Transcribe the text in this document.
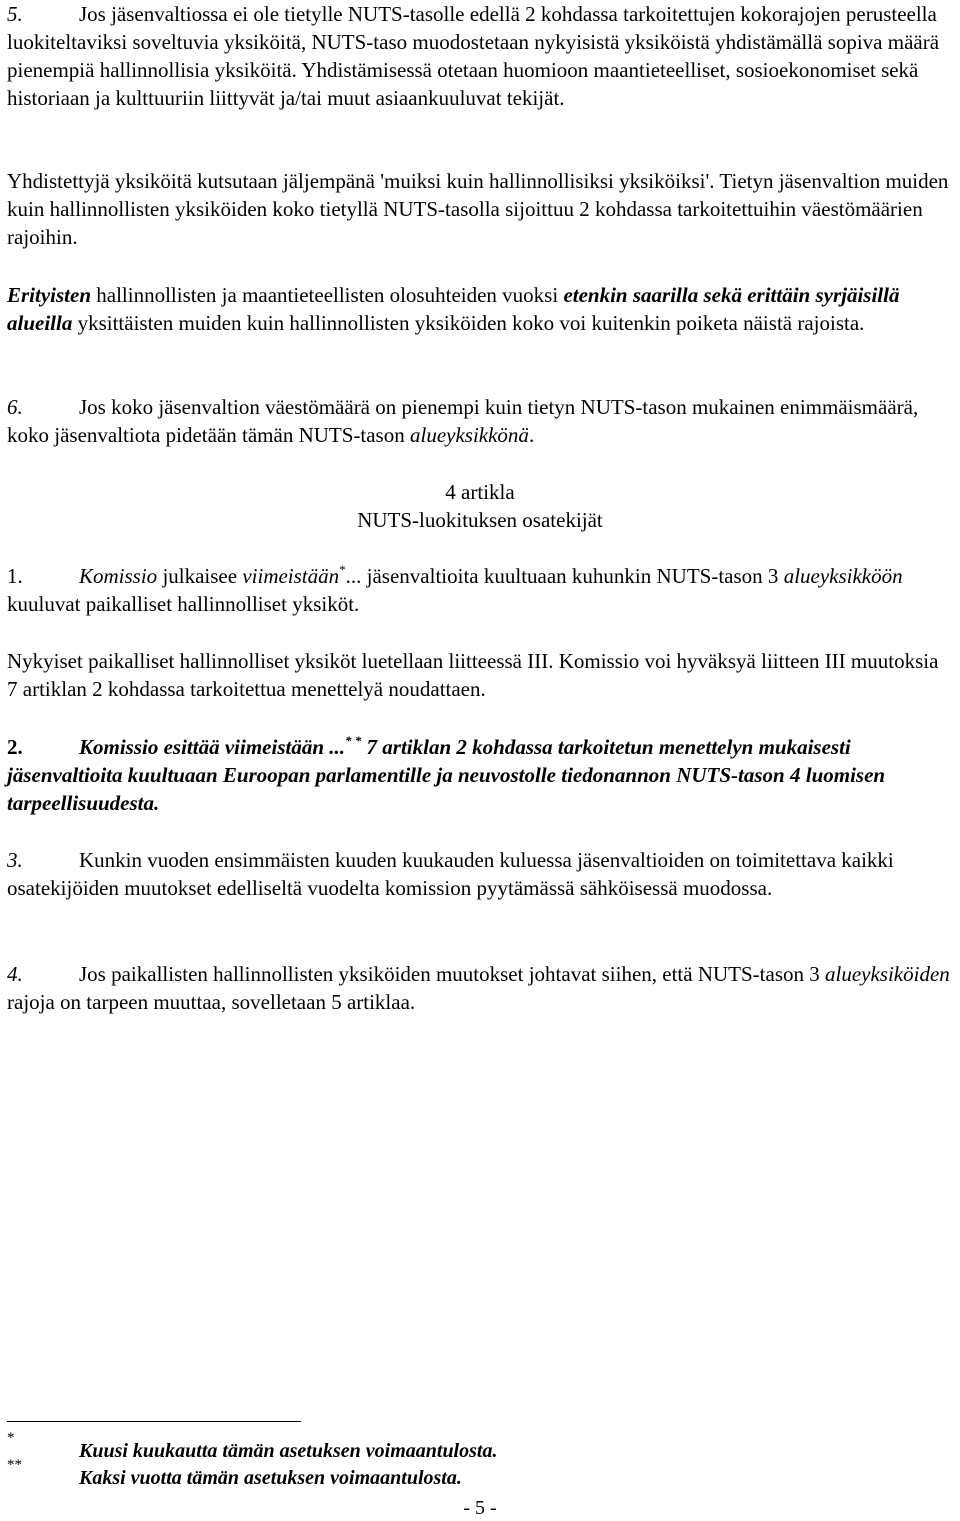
5.	Jos jäsenvaltiossa ei ole tietylle NUTS-tasolle edellä 2 kohdassa tarkoitettujen kokorajojen perusteella luokiteltaviksi soveltuvia yksiköitä, NUTS-taso muodostetaan nykyisistä yksiköistä yhdistämällä sopiva määrä pienempiä hallinnollisia yksiköitä. Yhdistämisessä otetaan huomioon maantieteelliset, sosioekonomiset sekä historiaan ja kulttuuriin liittyvät ja/tai muut asiaankuuluvat tekijät.

Yhdistettyjä yksiköitä kutsutaan jäljempänä 'muiksi kuin hallinnollisiksi yksiköiksi'. Tietyn jäsenvaltion muiden kuin hallinnollisten yksiköiden koko tietyllä NUTS-tasolla sijoittuu 2 kohdassa tarkoitettuihin väestömäärien rajoihin.

Erityisten hallinnollisten ja maantieteellisten olosuhteiden vuoksi etenkin saarilla sekä erittäin syrjäisillä alueilla yksittäisten muiden kuin hallinnollisten yksiköiden koko voi kuitenkin poiketa näistä rajoista.

6.	Jos koko jäsenvaltion väestömäärä on pienempi kuin tietyn NUTS-tason mukainen enimmäismäärä, koko jäsenvaltiota pidetään tämän NUTS-tason alueyksikkönä.

4 artikla

NUTS-luokituksen osatekijät

1.	Komissio julkaisee viimeistään*... jäsenvaltioita kuultuaan kuhunkin NUTS-tason 3 alueyksikköön kuuluvat paikalliset hallinnolliset yksiköt.

Nykyiset paikalliset hallinnolliset yksiköt luetellaan liitteessä III. Komissio voi hyväksyä liitteen III muutoksia 7 artiklan 2 kohdassa tarkoitettua menettelyä noudattaen.

2.	Komissio esittää viimeistään ...* * 7 artiklan 2 kohdassa tarkoitetun menettelyn mukaisesti jäsenvaltioita kuultuaan Euroopan parlamentille ja neuvostolle tiedonannon NUTS-tason 4 luomisen tarpeellisuudesta.

3.	Kunkin vuoden ensimmäisten kuuden kuukauden kuluessa jäsenvaltioiden on toimitettava kaikki osatekijöiden muutokset edelliseltä vuodelta komission pyytämässä sähköisessä muodossa.

4.	Jos paikallisten hallinnollisten yksiköiden muutokset johtavat siihen, että NUTS-tason 3 alueyksiköiden rajoja on tarpeen muuttaa, sovelletaan 5 artiklaa.

*
Kuusi kuukautta tämän asetuksen voimaantulosta.
**
Kaksi vuotta tämän asetuksen voimaantulosta.
- 5 -
